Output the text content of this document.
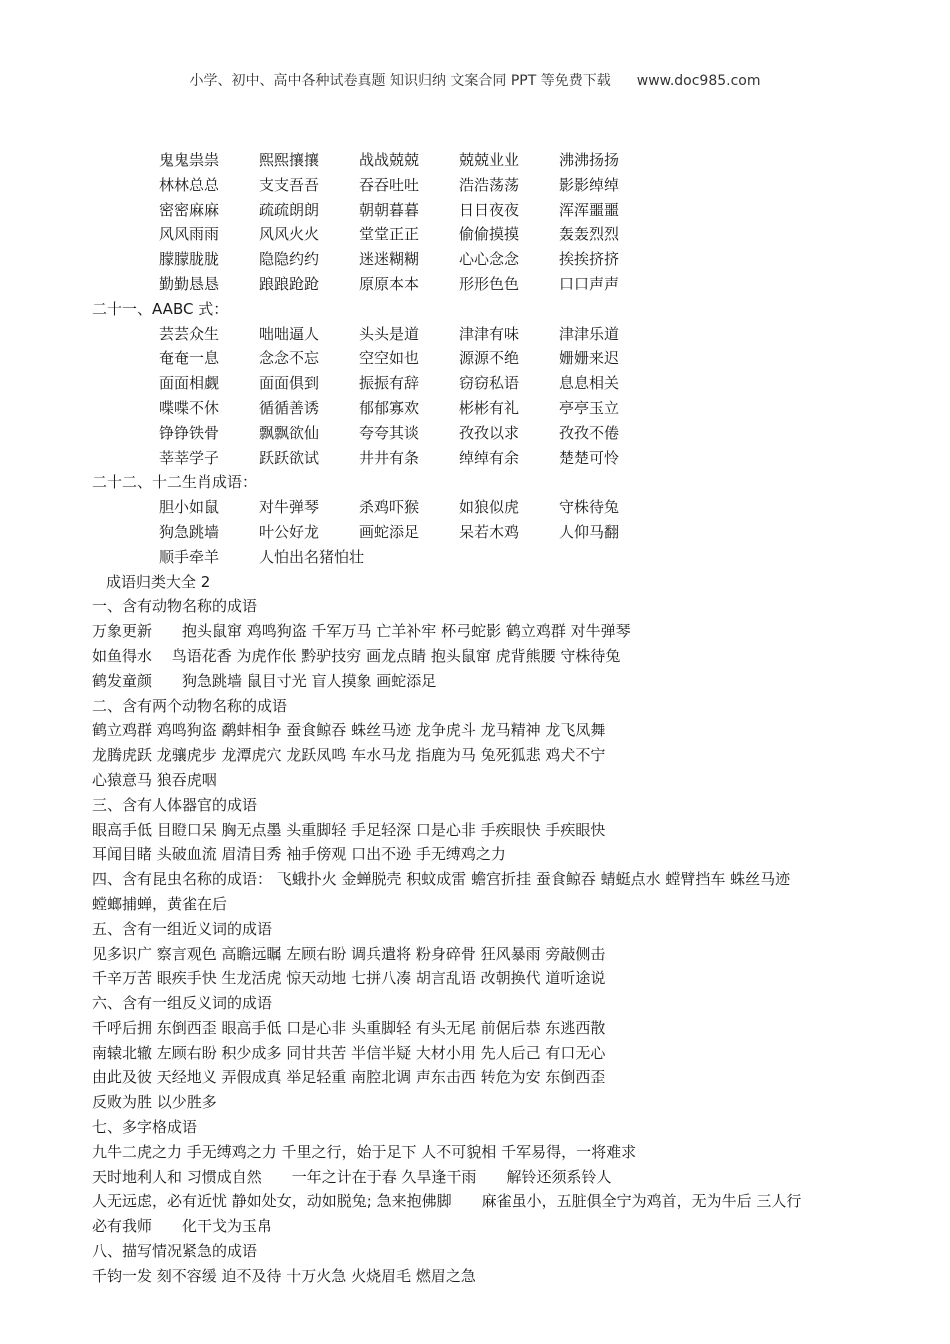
小学、初中、高中各种试卷真题 知识归纳 文案合同 PPT 等免费下载 www.doc985.com
鬼鬼祟祟	熙熙攘攘	战战兢兢	兢兢业业	沸沸扬扬
林林总总	支支吾吾	吞吞吐吐	浩浩荡荡	影影绰绰
密密麻麻	疏疏朗朗	朝朝暮暮	日日夜夜	浑浑噩噩
风风雨雨	风风火火	堂堂正正	偷偷摸摸	轰轰烈烈
朦朦胧胧	隐隐约约	迷迷糊糊	心心念念	挨挨挤挤
勤勤恳恳	踉踉跄跄	原原本本	形形色色	口口声声
二十一、AABC 式：
芸芸众生	咄咄逼人	头头是道	津津有味	津津乐道
奄奄一息	念念不忘	空空如也	源源不绝	姗姗来迟
面面相觑	面面俱到	振振有辞	窃窃私语	息息相关
喋喋不休	循循善诱	郁郁寡欢	彬彬有礼	亭亭玉立
铮铮铁骨	飘飘欲仙	夸夸其谈	孜孜以求	孜孜不倦
莘莘学子	跃跃欲试	井井有条	绰绰有余	楚楚可怜
二十二、十二生肖成语：
胆小如鼠	对牛弹琴	杀鸡吓猴	如狼似虎	守株待兔
狗急跳墙	叶公好龙	画蛇添足	呆若木鸡	人仰马翻
顺手牵羊	人怕出名猪怕壮
成语归类大全 2
一、含有动物名称的成语
万象更新　　抱头鼠窜 鸡鸣狗盗 千军万马 亡羊补牢 杯弓蛇影 鹤立鸡群 对牛弹琴
如鱼得水　 鸟语花香 为虎作伥 黔驴技穷 画龙点睛 抱头鼠窜 虎背熊腰 守株待兔
鹤发童颜　　狗急跳墙 鼠目寸光 盲人摸象 画蛇添足
二、含有两个动物名称的成语
鹤立鸡群 鸡鸣狗盗 鹬蚌相争 蚕食鲸吞 蛛丝马迹 龙争虎斗 龙马精神 龙飞凤舞
龙腾虎跃 龙骧虎步 龙潭虎穴 龙跃凤鸣 车水马龙 指鹿为马 兔死狐悲 鸡犬不宁
心猿意马 狼吞虎咽
三、含有人体器官的成语
眼高手低 目瞪口呆 胸无点墨 头重脚轻 手足轻深 口是心非 手疾眼快 手疾眼快
耳闻目睹 头破血流 眉清目秀 袖手傍观 口出不逊 手无缚鸡之力
四、含有昆虫名称的成语： 飞蛾扑火 金蝉脱壳 积蚊成雷 蟾宫折挂 蚕食鲸吞 蜻蜓点水 螳臂挡车 蛛丝马迹
螳螂捕蝉，黄雀在后
五、含有一组近义词的成语
见多识广 察言观色 高瞻远瞩 左顾右盼 调兵遣将 粉身碎骨 狂风暴雨 旁敲侧击
千辛万苦 眼疾手快 生龙活虎 惊天动地 七拼八凑 胡言乱语 改朝换代 道听途说
六、含有一组反义词的成语
千呼后拥 东倒西歪 眼高手低 口是心非 头重脚轻 有头无尾 前倨后恭 东逃西散
南辕北辙 左顾右盼 积少成多 同甘共苦 半信半疑 大材小用 先人后己 有口无心
由此及彼 天经地义 弄假成真 举足轻重 南腔北调 声东击西 转危为安 东倒西歪
反败为胜 以少胜多
七、多字格成语
九牛二虎之力 手无缚鸡之力 千里之行，始于足下 人不可貌相 千军易得，一将难求
天时地利人和 习惯成自然　　一年之计在于春 久旱逢干雨　　解铃还须系铃人
人无远虑，必有近忧 静如处女，动如脱兔; 急来抱佛脚　　麻雀虽小，五脏俱全宁为鸡首，无为牛后 三人行
必有我师　　化干戈为玉帛
八、描写情况紧急的成语
千钧一发 刻不容缓 迫不及待 十万火急 火烧眉毛 燃眉之急
